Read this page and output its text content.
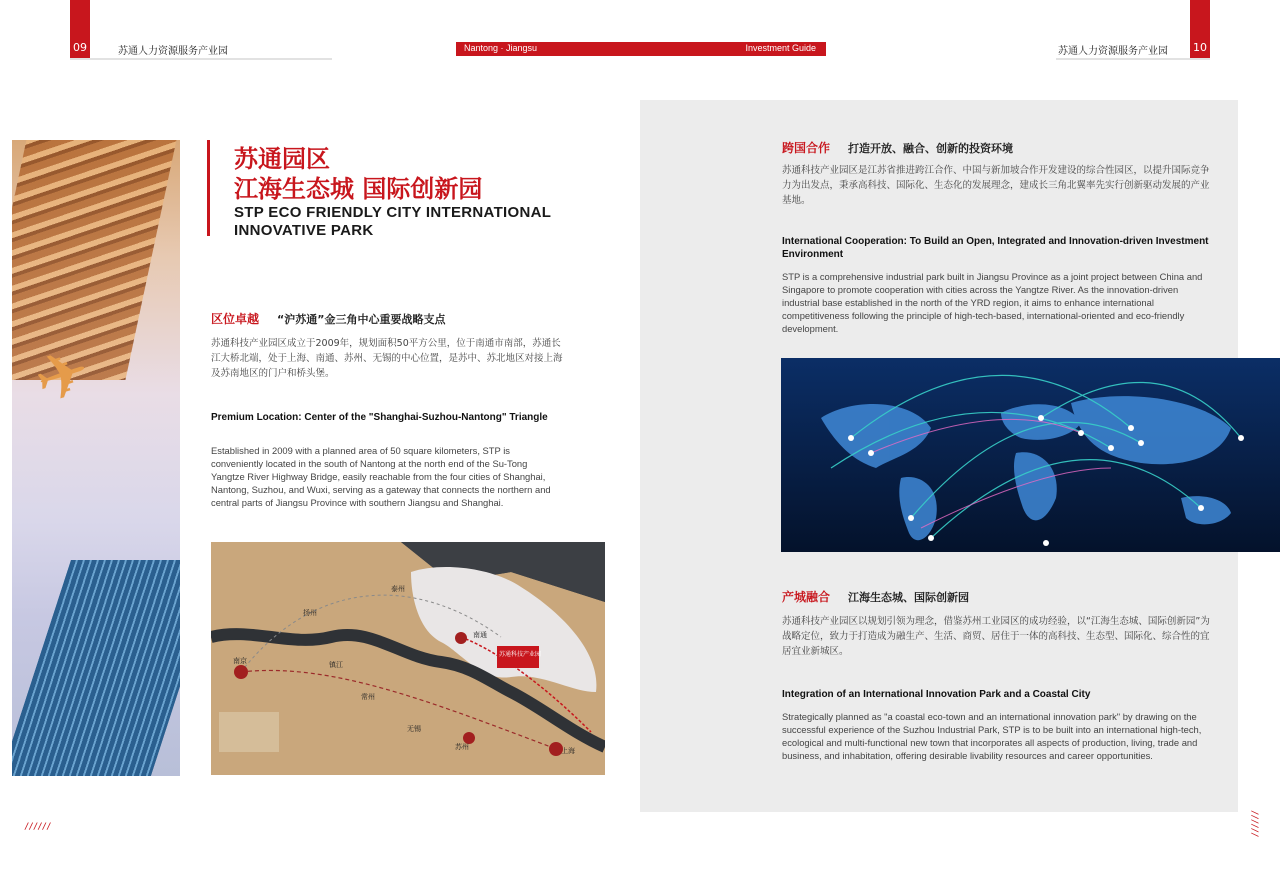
09	苏通人力资源服务产业园	Nantong · Jiangsu	Investment Guide	苏通人力资源服务产业园 10
✈
苏通园区
江海生态城 国际创新园
STP ECO FRIENDLY CITY INTERNATIONAL
INNOVATIVE PARK
区位卓越 “沪苏通”金三角中心重要战略支点
苏通科技产业园区成立于2009年，规划面积50平方公里，位于南通市南部，苏通长江大桥北端，处于上海、南通、苏州、无锡的中心位置，是苏中、苏北地区对接上海及苏南地区的门户和桥头堡。
Premium Location: Center of the "Shanghai-Suzhou-Nantong" Triangle
Established in 2009 with a planned area of 50 square kilometers, STP is conveniently located in the south of Nantong at the north end of the Su-Tong Yangtze River Highway Bridge, easily reachable from the four cities of Shanghai, Nantong, Suzhou, and Wuxi, serving as a gateway that connects the northern and central parts of Jiangsu Province with southern Jiangsu and Shanghai.
南京
南通
苏州	上海
泰州
扬州
镇江
无锡
常州
苏通科技产业园
//////
跨国合作 打造开放、融合、创新的投资环境
苏通科技产业园区是江苏省推进跨江合作、中国与新加坡合作开发建设的综合性园区，以提升国际竞争力为出发点，秉承高科技、国际化、生态化的发展理念，建成长三角北翼率先实行创新驱动发展的产业基地。
International Cooperation: To Build an Open, Integrated and Innovation-driven Investment Environment
STP is a comprehensive industrial park built in Jiangsu Province as a joint project between China and Singapore to promote cooperation with cities across the Yangtze River. As the innovation-driven industrial base established in the north of the YRD region, it aims to enhance international competitiveness following the principle of high-tech-based, international-oriented and eco-friendly development.
产城融合 江海生态城、国际创新园
苏通科技产业园区以规划引领为理念，借鉴苏州工业园区的成功经验，以“江海生态城、国际创新园”为战略定位，致力于打造成为融生产、生活、商贸、居住于一体的高科技、生态型、国际化、综合性的宜居宜业新城区。
Integration of an International Innovation Park and a Coastal City
Strategically planned as "a coastal eco-town and an international innovation park" by drawing on the successful experience of the Suzhou Industrial Park, STP is to be built into an international high-tech, ecological and multi-functional new town that incorporates all aspects of production, living, trade and business, and inhabitation, offering desirable livability resources and career opportunities.
//////
